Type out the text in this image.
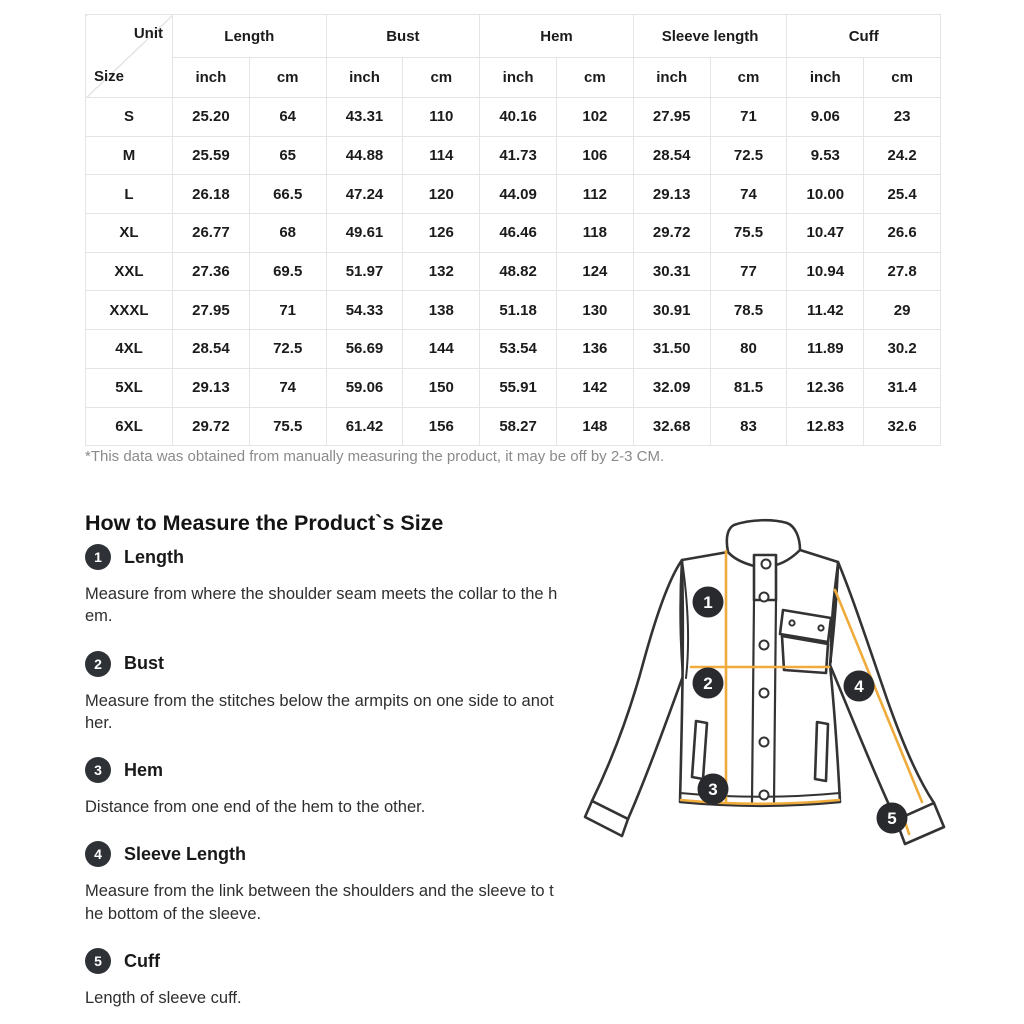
Unit
Size	Length		Bust		Hem		Sleeve length		Cuff	
	inch	cm	inch	cm	inch	cm	inch	cm	inch	cm
S	25.20	64	43.31	110	40.16	102	27.95	71	9.06	23
M	25.59	65	44.88	114	41.73	106	28.54	72.5	9.53	24.2
L	26.18	66.5	47.24	120	44.09	112	29.13	74	10.00	25.4
XL	26.77	68	49.61	126	46.46	118	29.72	75.5	10.47	26.6
XXL	27.36	69.5	51.97	132	48.82	124	30.31	77	10.94	27.8
XXXL	27.95	71	54.33	138	51.18	130	30.91	78.5	11.42	29
4XL	28.54	72.5	56.69	144	53.54	136	31.50	80	11.89	30.2
5XL	29.13	74	59.06	150	55.91	142	32.09	81.5	12.36	31.4
6XL	29.72	75.5	61.42	156	58.27	148	32.68	83	12.83	32.6
*This data was obtained from manually measuring the product, it may be off by 2-3 CM.
How to Measure the Product`s Size
1	Length

Measure from where the shoulder seam meets the collar to the hem.

2	Bust

Measure from the stitches below the armpits on one side to another.

3	Hem

Distance from one end of the hem to the other.

4	Sleeve Length

Measure from the link between the shoulders and the sleeve to the bottom of the sleeve.

5	Cuff

Length of sleeve cuff.

1
2
3
4
5
